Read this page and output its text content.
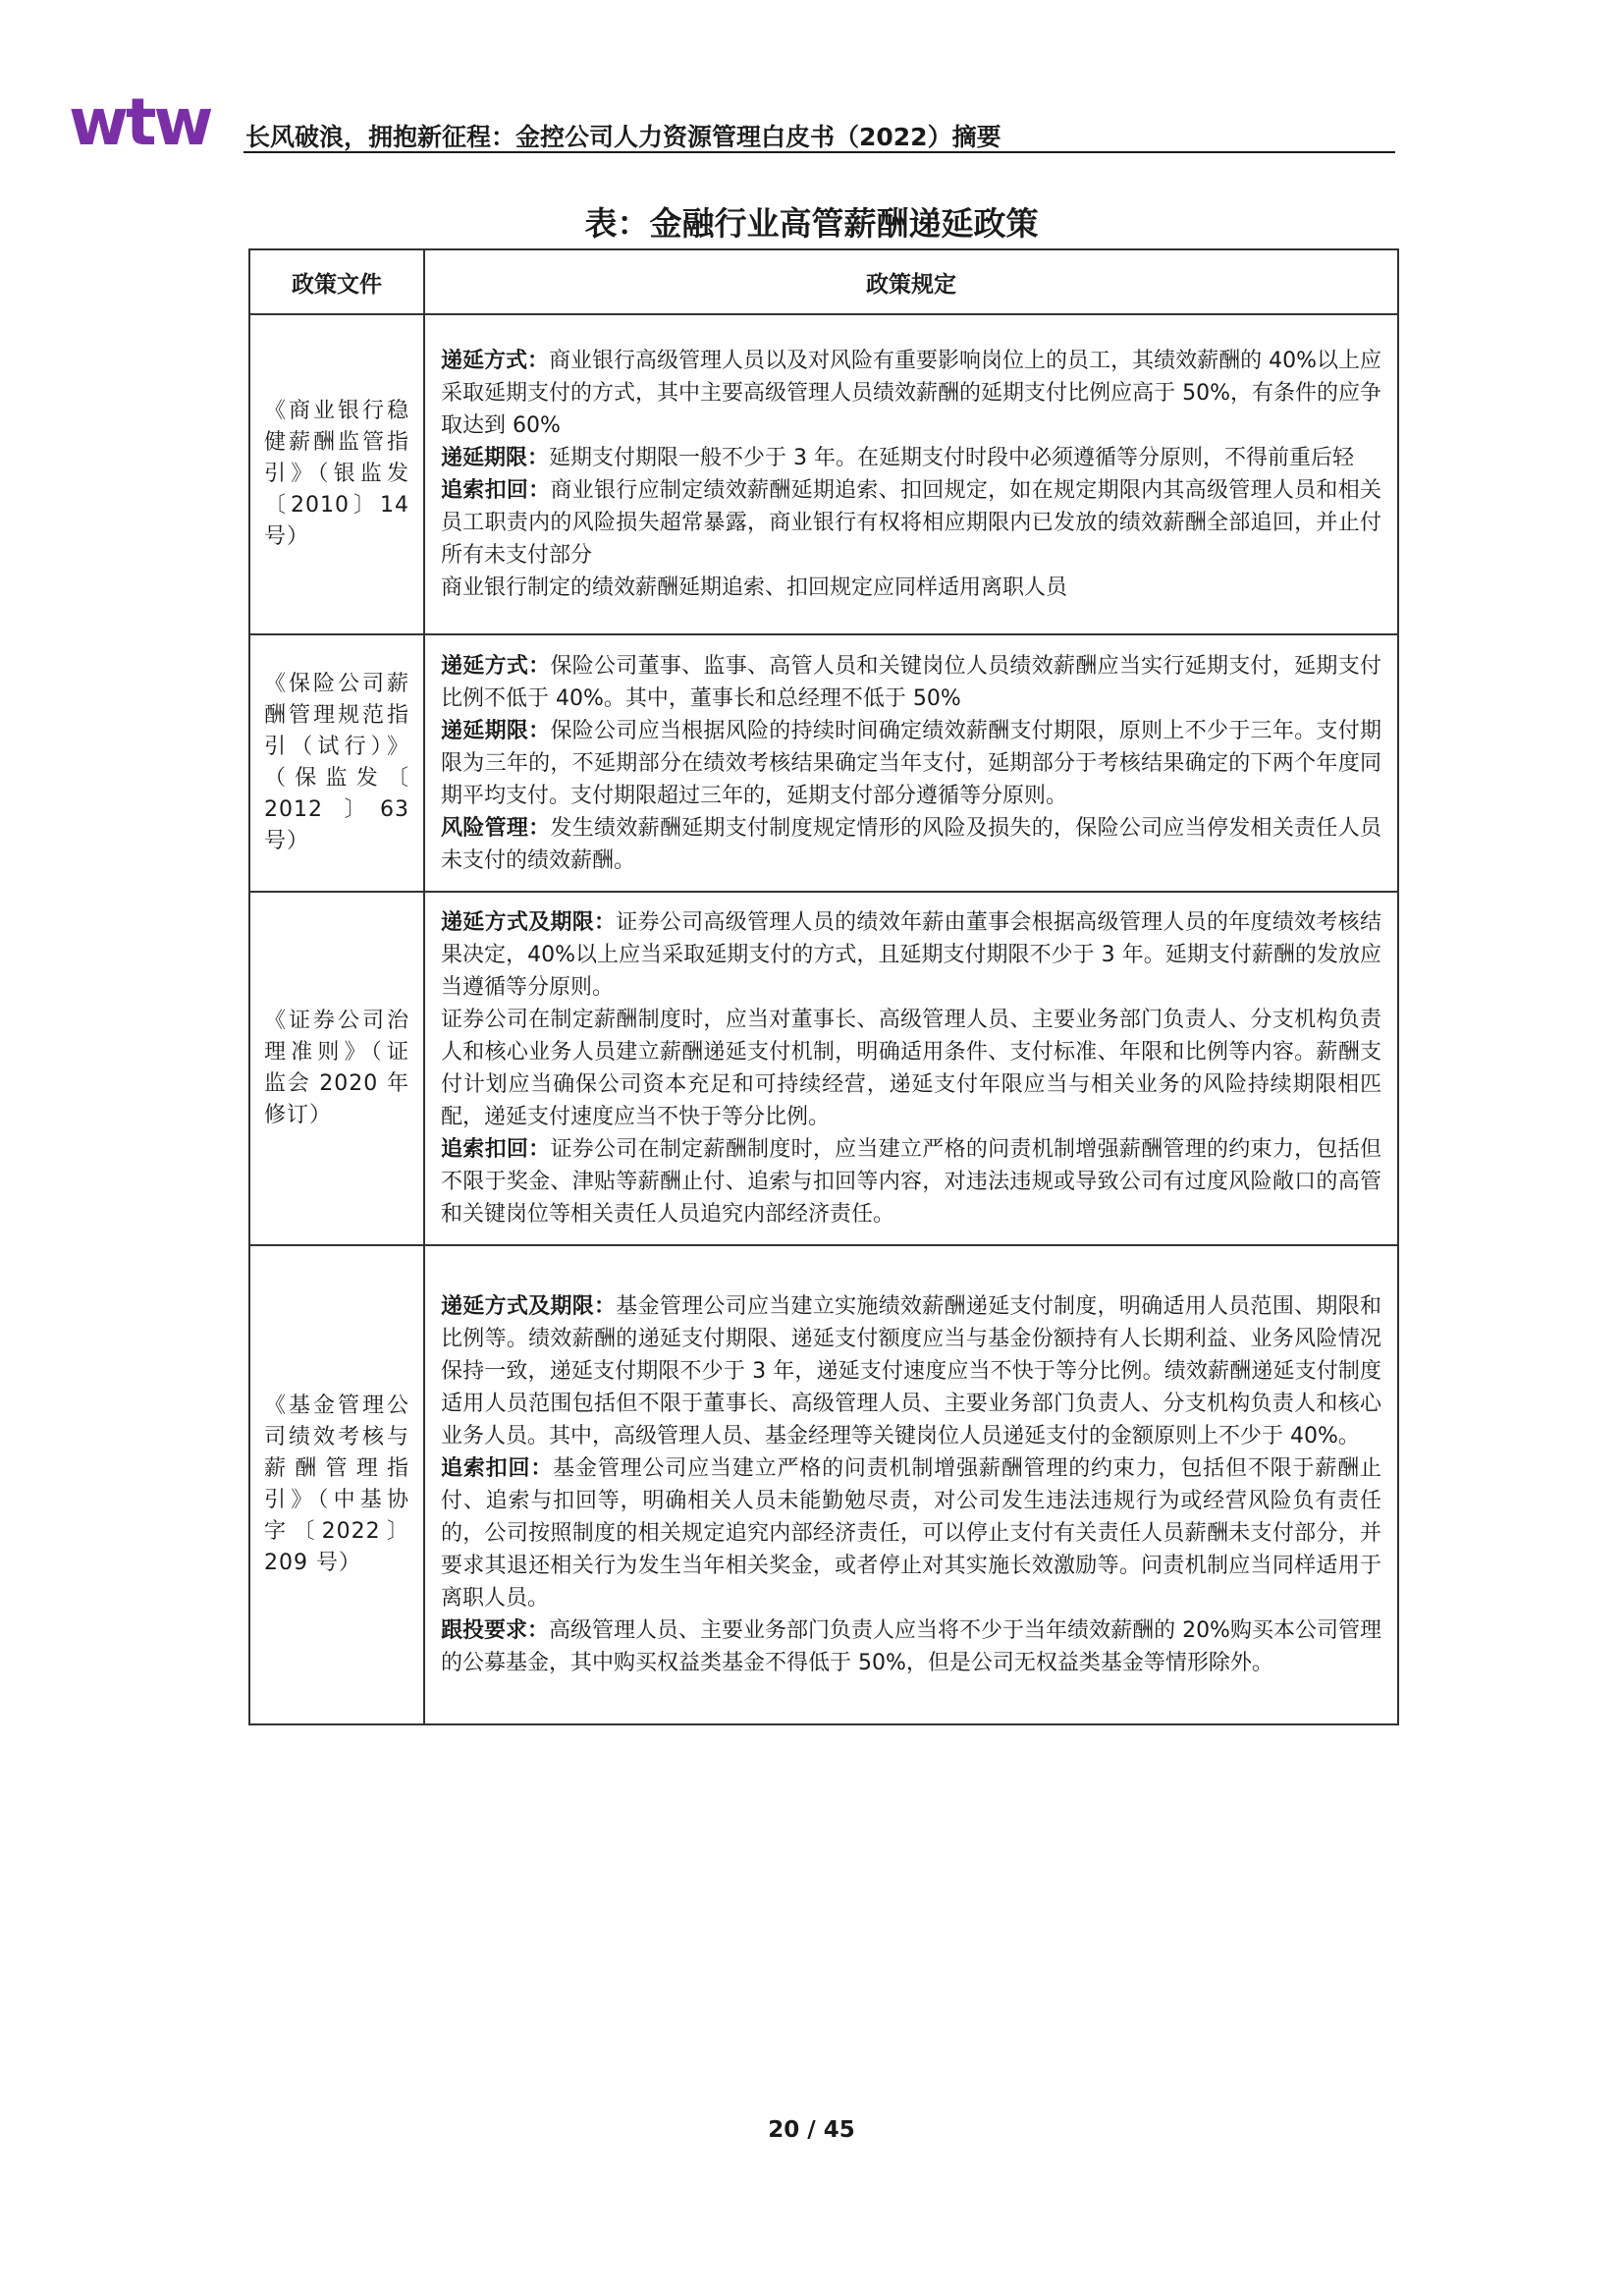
wtw 长风破浪，拥抱新征程：金控公司人力资源管理白皮书（2022）摘要
表：金融行业高管薪酬递延政策
政策文件	政策规定
《商业银行稳健薪酬监管指引》（银监发〔2010〕14 号）	递延方式：商业银行高级管理人员以及对风险有重要影响岗位上的员工，其绩效薪酬的 40%以上应采取延期支付的方式，其中主要高级管理人员绩效薪酬的延期支付比例应高于 50%，有条件的应争取达到 60%

递延期限：延期支付期限一般不少于 3 年。在延期支付时段中必须遵循等分原则，不得前重后轻

追索扣回：商业银行应制定绩效薪酬延期追索、扣回规定，如在规定期限内其高级管理人员和相关员工职责内的风险损失超常暴露，商业银行有权将相应期限内已发放的绩效薪酬全部追回，并止付所有未支付部分

商业银行制定的绩效薪酬延期追索、扣回规定应同样适用离职人员

《保险公司薪酬管理规范指引（试行）》（保监发〔 2012 〕63 号）	递延方式：保险公司董事、监事、高管人员和关键岗位人员绩效薪酬应当实行延期支付，延期支付比例不低于 40%。其中，董事长和总经理不低于 50%

递延期限：保险公司应当根据风险的持续时间确定绩效薪酬支付期限，原则上不少于三年。支付期限为三年的，不延期部分在绩效考核结果确定当年支付，延期部分于考核结果确定的下两个年度同期平均支付。支付期限超过三年的，延期支付部分遵循等分原则。

风险管理：发生绩效薪酬延期支付制度规定情形的风险及损失的，保险公司应当停发相关责任人员未支付的绩效薪酬。

《证券公司治理准则》（证监会 2020 年修订）	递延方式及期限：证券公司高级管理人员的绩效年薪由董事会根据高级管理人员的年度绩效考核结果决定，40%以上应当采取延期支付的方式，且延期支付期限不少于 3 年。延期支付薪酬的发放应当遵循等分原则。

证券公司在制定薪酬制度时，应当对董事长、高级管理人员、主要业务部门负责人、分支机构负责人和核心业务人员建立薪酬递延支付机制，明确适用条件、支付标准、年限和比例等内容。薪酬支付计划应当确保公司资本充足和可持续经营，递延支付年限应当与相关业务的风险持续期限相匹配，递延支付速度应当不快于等分比例。

追索扣回：证券公司在制定薪酬制度时，应当建立严格的问责机制增强薪酬管理的约束力，包括但不限于奖金、津贴等薪酬止付、追索与扣回等内容，对违法违规或导致公司有过度风险敞口的高管和关键岗位等相关责任人员追究内部经济责任。

《基金管理公司绩效考核与薪酬管理指引》（中基协字〔2022〕209 号）	递延方式及期限：基金管理公司应当建立实施绩效薪酬递延支付制度，明确适用人员范围、期限和比例等。绩效薪酬的递延支付期限、递延支付额度应当与基金份额持有人长期利益、业务风险情况保持一致，递延支付期限不少于 3 年，递延支付速度应当不快于等分比例。绩效薪酬递延支付制度适用人员范围包括但不限于董事长、高级管理人员、主要业务部门负责人、分支机构负责人和核心业务人员。其中，高级管理人员、基金经理等关键岗位人员递延支付的金额原则上不少于 40%。

追索扣回：基金管理公司应当建立严格的问责机制增强薪酬管理的约束力，包括但不限于薪酬止付、追索与扣回等，明确相关人员未能勤勉尽责，对公司发生违法违规行为或经营风险负有责任的，公司按照制度的相关规定追究内部经济责任，可以停止支付有关责任人员薪酬未支付部分，并要求其退还相关行为发生当年相关奖金，或者停止对其实施长效激励等。问责机制应当同样适用于离职人员。

跟投要求：高级管理人员、主要业务部门负责人应当将不少于当年绩效薪酬的 20%购买本公司管理的公募基金，其中购买权益类基金不得低于 50%，但是公司无权益类基金等情形除外。

20 / 45
